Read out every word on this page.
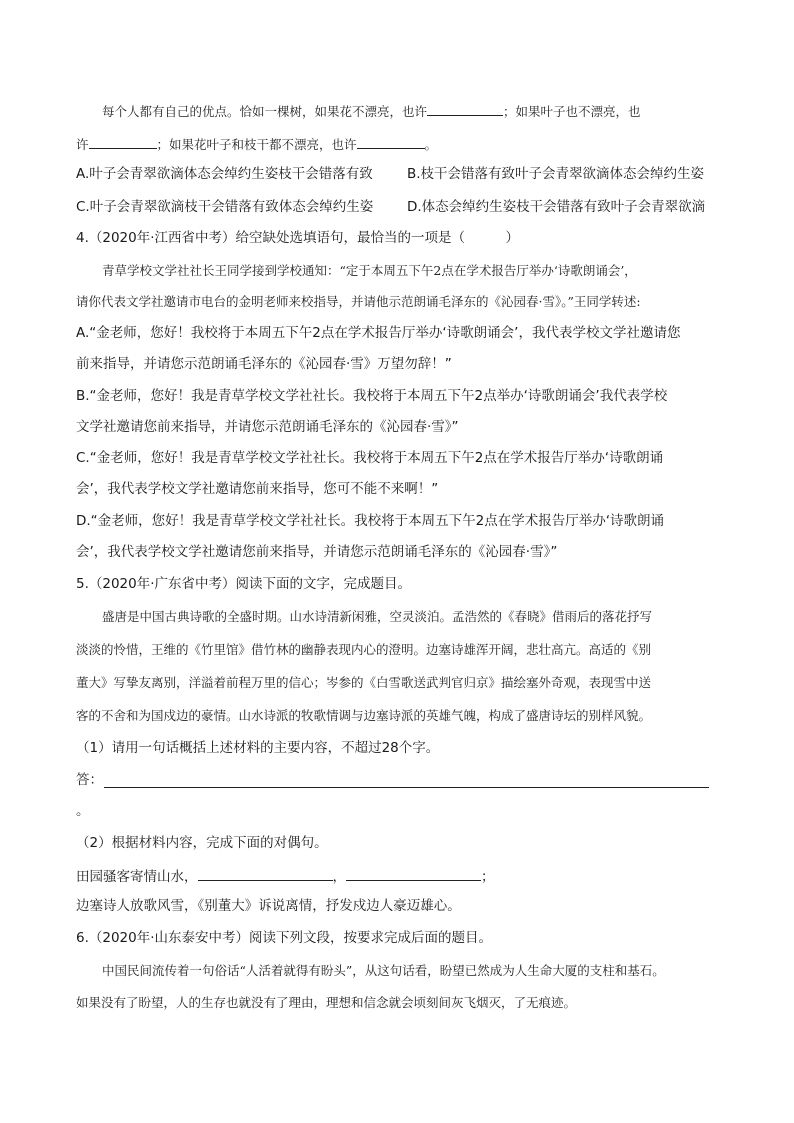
每个人都有自己的优点。恰如一棵树，如果花不漂亮，也许	；如果叶子也不漂亮，也
许	；如果花叶子和枝干都不漂亮，也许	。
A.叶子会青翠欲滴体态会绰约生姿枝干会错落有致	B.枝干会错落有致叶子会青翠欲滴体态会绰约生姿
C.叶子会青翠欲滴枝干会错落有致体态会绰约生姿	D.体态会绰约生姿枝干会错落有致叶子会青翠欲滴
4.（2020年·江西省中考）给空缺处选填语句，最恰当的一项是（　　　）
青草学校文学社社长王同学接到学校通知：“定于本周五下午2点在学术报告厅举办‘诗歌朗诵会’，
请你代表文学社邀请市电台的金明老师来校指导，并请他示范朗诵毛泽东的《沁园春·雪》。”王同学转述:
A.“金老师，您好！我校将于本周五下午2点在学术报告厅举办‘诗歌朗诵会’，我代表学校文学社邀请您
前来指导，并请您示范朗诵毛泽东的《沁园春·雪》万望勿辞！”
B.“金老师，您好！我是青草学校文学社社长。我校将于本周五下午2点举办‘诗歌朗诵会’我代表学校
文学社邀请您前来指导，并请您示范朗诵毛泽东的《沁园春·雪》”
C.“金老师，您好！我是青草学校文学社社长。我校将于本周五下午2点在学术报告厅举办‘诗歌朗诵
会’，我代表学校文学社邀请您前来指导，您可不能不来啊！”
D.“金老师，您好！我是青草学校文学社社长。我校将于本周五下午2点在学术报告厅举办‘诗歌朗诵
会’，我代表学校文学社邀请您前来指导，并请您示范朗诵毛泽东的《沁园春·雪》”
5.（2020年·广东省中考）阅读下面的文字，完成题目。
盛唐是中国古典诗歌的全盛时期。山水诗清新闲雅，空灵淡泊。孟浩然的《春晓》借雨后的落花抒写
淡淡的怜惜，王维的《竹里馆》借竹林的幽静表现内心的澄明。边塞诗雄浑开阔，悲壮高亢。高适的《别
董大》写挚友离别，洋溢着前程万里的信心；岑参的《白雪歌送武判官归京》描绘塞外奇观，表现雪中送
客的不舍和为国戍边的豪情。山水诗派的牧歌情调与边塞诗派的英雄气魄，构成了盛唐诗坛的别样风貌。
（1）请用一句话概括上述材料的主要内容，不超过28个字。
答：
。
（2）根据材料内容，完成下面的对偶句。
田园骚客寄情山水，	，	；
边塞诗人放歌风雪，《别董大》诉说离情，抒发戍边人豪迈雄心。
6.（2020年·山东泰安中考）阅读下列文段，按要求完成后面的题目。
中国民间流传着一句俗话“人活着就得有盼头”，从这句话看，盼望已然成为人生命大厦的支柱和基石。
如果没有了盼望，人的生存也就没有了理由，理想和信念就会顷刻间灰飞烟灭，了无痕迹。
